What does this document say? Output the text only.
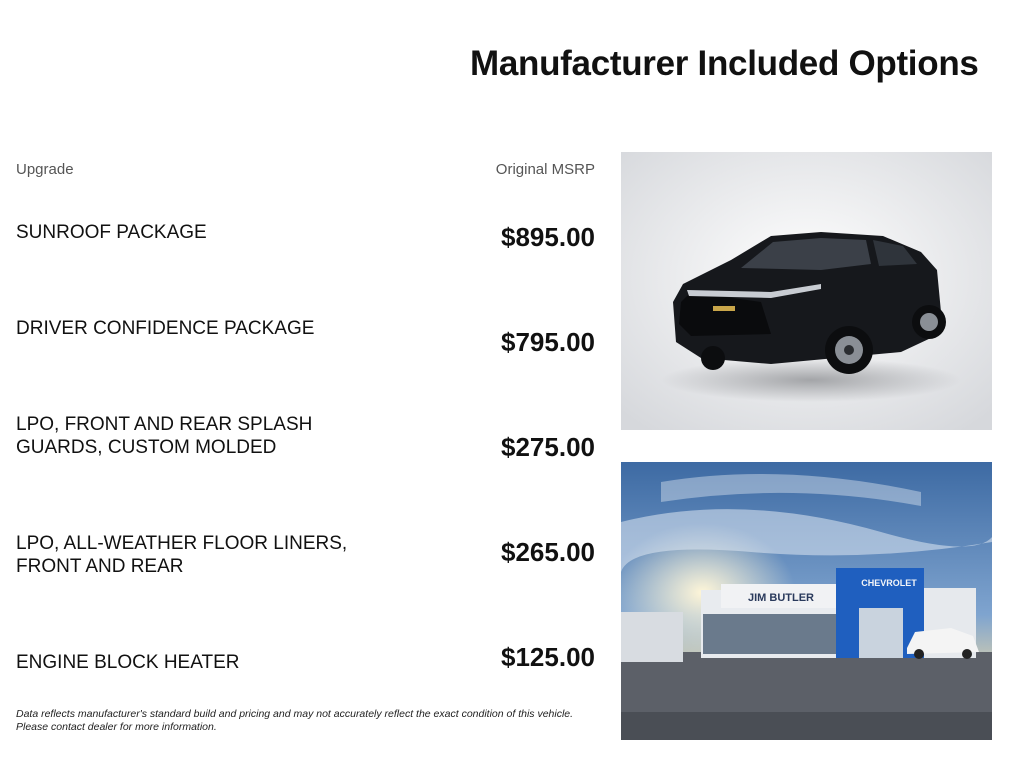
Manufacturer Included Options
Upgrade	Original MSRP
SUNROOF PACKAGE	$895.00
DRIVER CONFIDENCE PACKAGE	$795.00
LPO, FRONT AND REAR SPLASH GUARDS, CUSTOM MOLDED	$275.00
LPO, ALL-WEATHER FLOOR LINERS, FRONT AND REAR	$265.00
ENGINE BLOCK HEATER	$125.00
Data reflects manufacturer's standard build and pricing and may not accurately reflect the exact condition of this vehicle. Please contact dealer for more information.
JIM BUTLER
CHEVROLET
